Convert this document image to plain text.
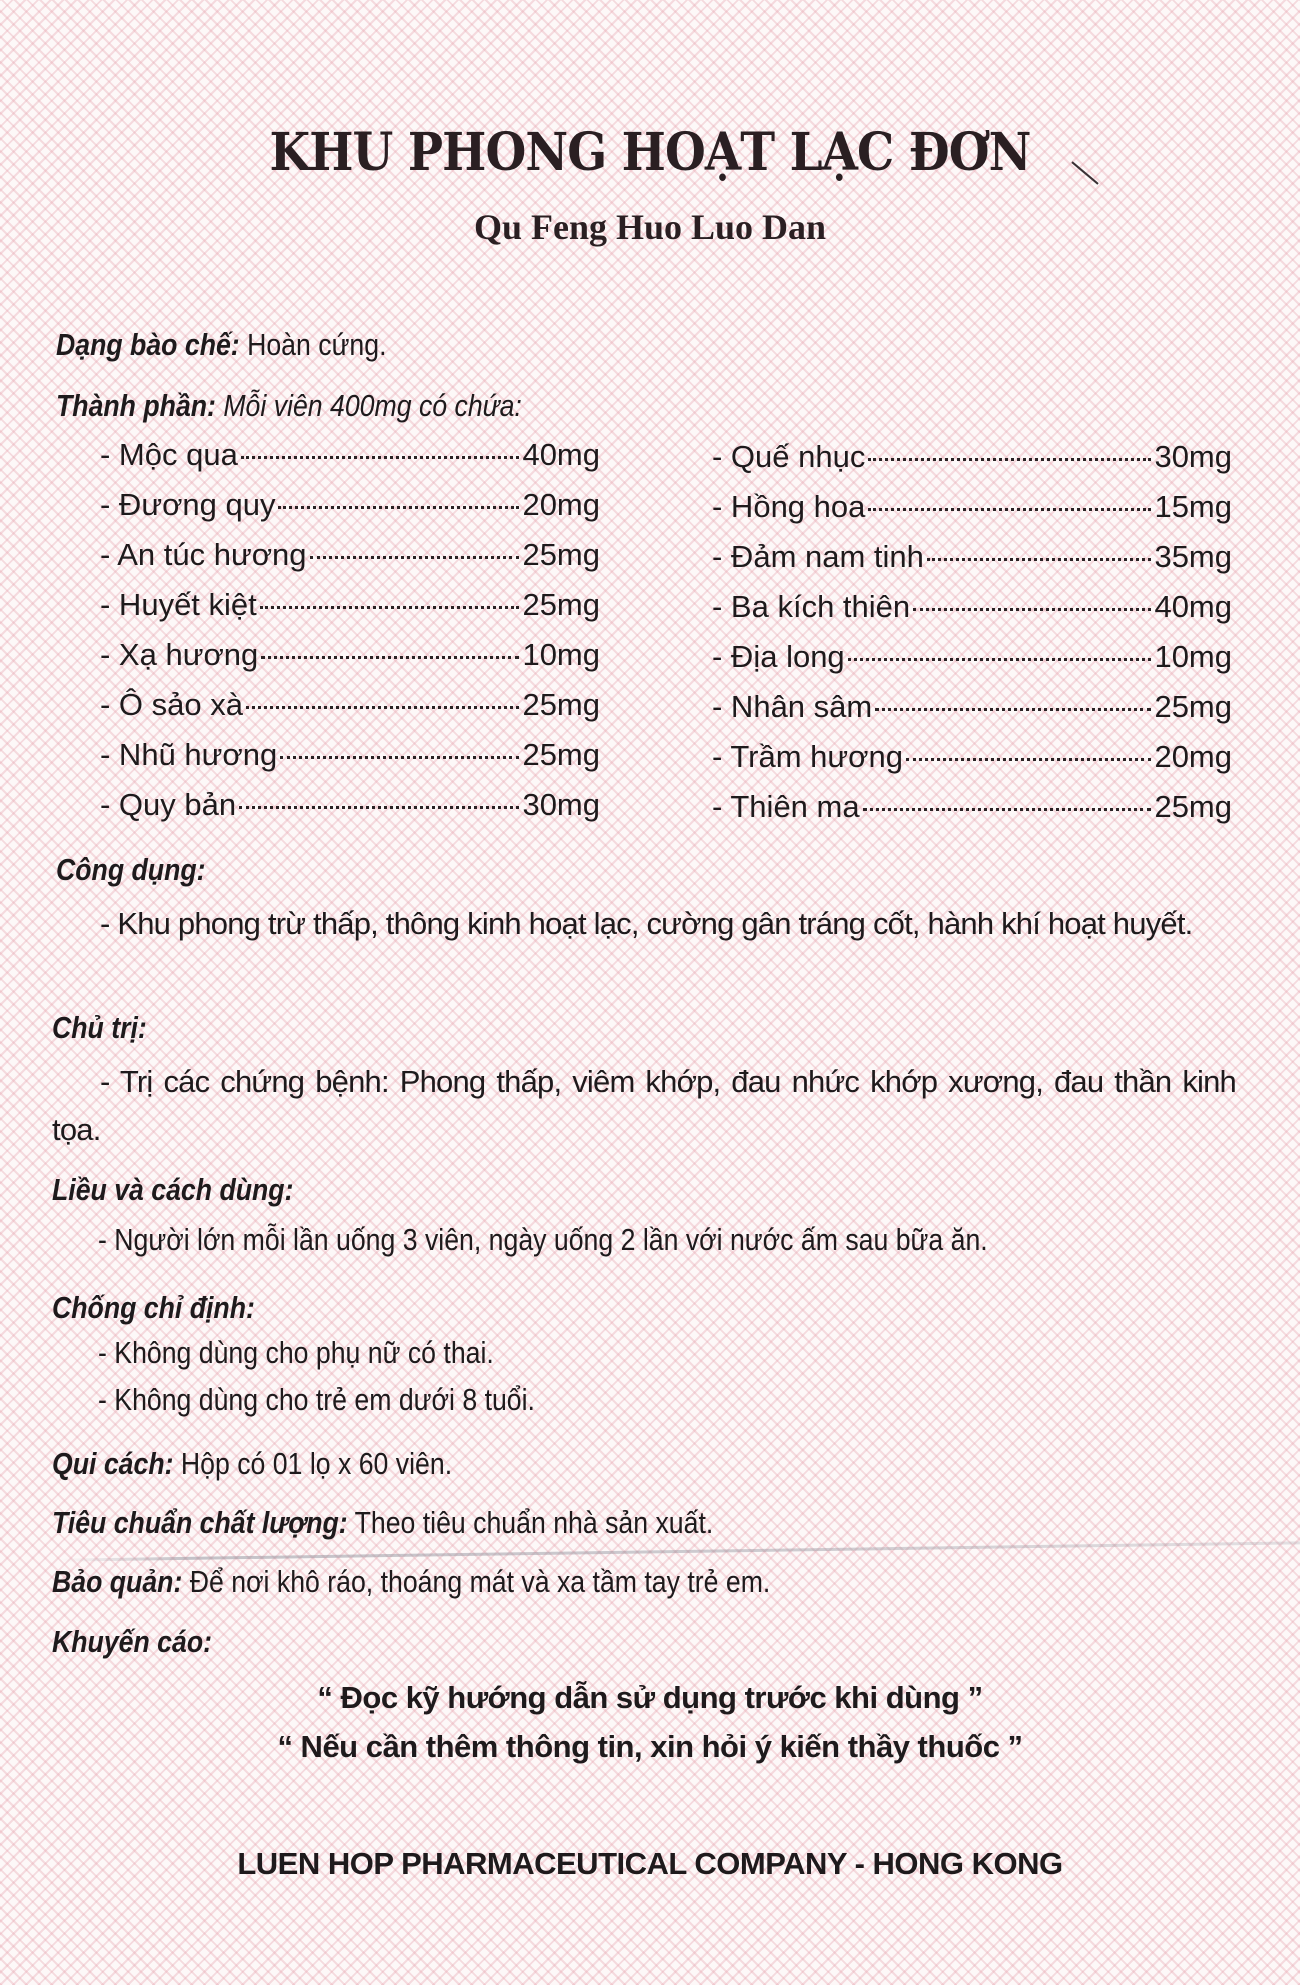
KHU PHONG HOẠT LẠC ĐƠN
Qu Feng Huo Luo Dan
Dạng bào chế: Hoàn cứng.
Thành phần: Mỗi viên 400mg có chứa:
- Mộc qua	40mg
- Đương quy	20mg
- An túc hương	25mg
- Huyết kiệt	25mg
- Xạ hương	10mg
- Ô sảo xà	25mg
- Nhũ hương	25mg
- Quy bản	30mg
- Quế nhục	30mg
- Hồng hoa	15mg
- Đảm nam tinh	35mg
- Ba kích thiên	40mg
- Địa long	10mg
- Nhân sâm	25mg
- Trầm hương	20mg
- Thiên ma	25mg
Công dụng:
- Khu phong trừ thấp, thông kinh hoạt lạc, cường gân tráng cốt, hành khí hoạt huyết.
Chủ trị:
- Trị các chứng bệnh: Phong thấp, viêm khớp, đau nhức khớp xương, đau thần kinh tọa.
Liều và cách dùng:
- Người lớn mỗi lần uống 3 viên, ngày uống 2 lần với nước ấm sau bữa ăn.
Chống chỉ định:
- Không dùng cho phụ nữ có thai.
- Không dùng cho trẻ em dưới 8 tuổi.
Qui cách: Hộp có 01 lọ x 60 viên.
Tiêu chuẩn chất lượng: Theo tiêu chuẩn nhà sản xuất.
Bảo quản: Để nơi khô ráo, thoáng mát và xa tầm tay trẻ em.
Khuyến cáo:
“ Đọc kỹ hướng dẫn sử dụng trước khi dùng ”
“ Nếu cần thêm thông tin, xin hỏi ý kiến thầy thuốc ”
LUEN HOP PHARMACEUTICAL COMPANY - HONG KONG
